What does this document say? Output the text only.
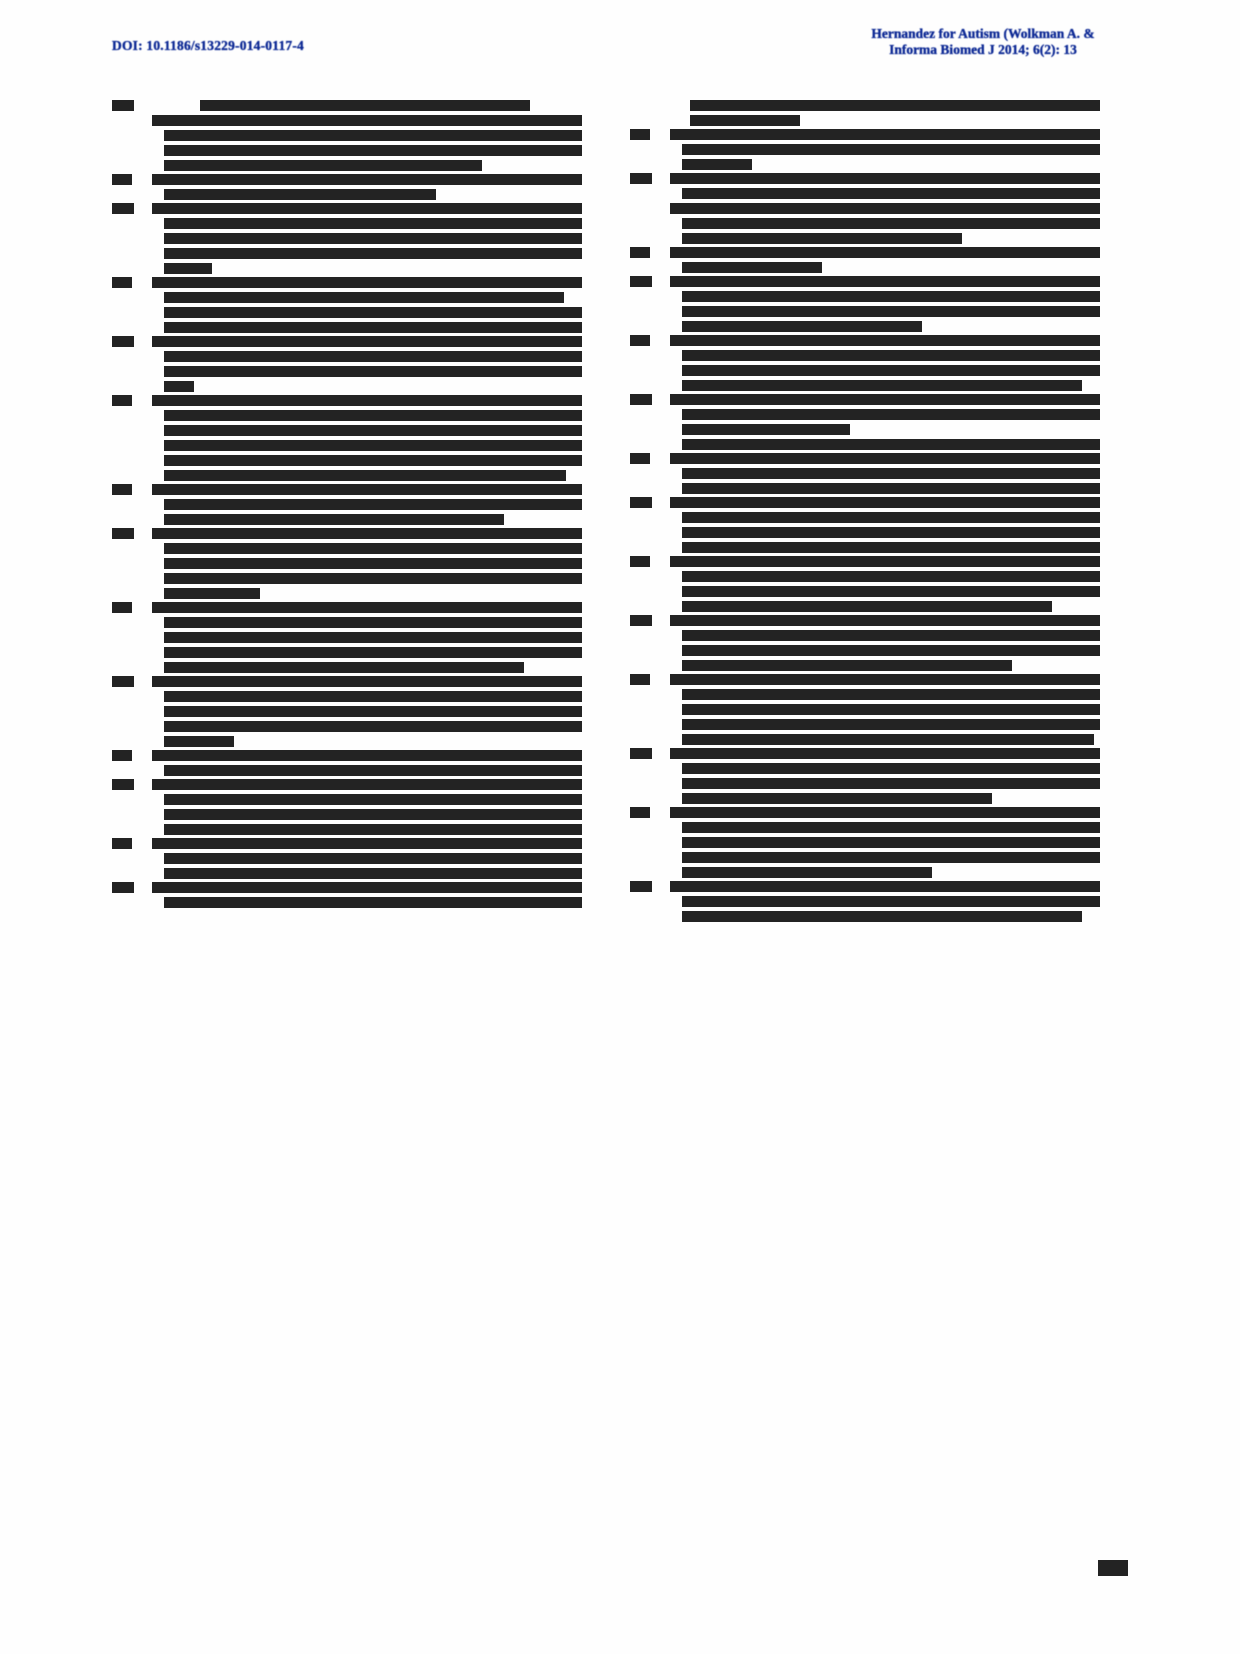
DOI: 10.1186/s13229-014-0117-4
Hernandez for Autism (Wolkman A. &
Informa Biomed J 2014; 6(2): 13
